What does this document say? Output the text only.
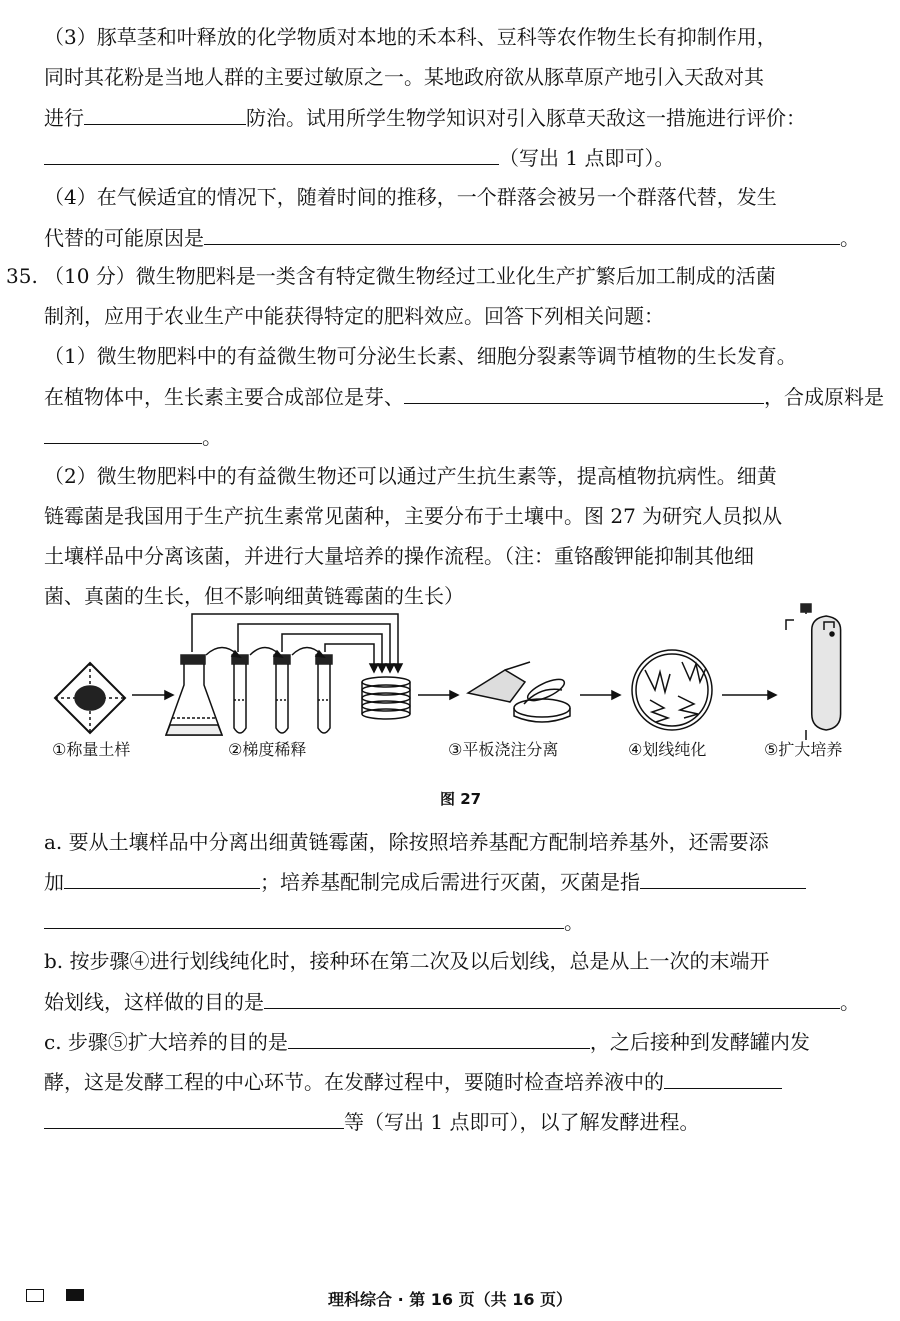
（3）豚草茎和叶释放的化学物质对本地的禾本科、豆科等农作物生长有抑制作用，
同时其花粉是当地人群的主要过敏原之一。某地政府欲从豚草原产地引入天敌对其
进行	防治。试用所学生物学知识对引入豚草天敌这一措施进行评价：
（写出 1 点即可）。
（4）在气候适宜的情况下，随着时间的推移，一个群落会被另一个群落代替，发生
代替的可能原因是	。
35. （10 分）微生物肥料是一类含有特定微生物经过工业化生产扩繁后加工制成的活菌
制剂，应用于农业生产中能获得特定的肥料效应。回答下列相关问题：
（1）微生物肥料中的有益微生物可分泌生长素、细胞分裂素等调节植物的生长发育。
在植物体中，生长素主要合成部位是芽、	，合成原料是
。
（2）微生物肥料中的有益微生物还可以通过产生抗生素等，提高植物抗病性。细黄
链霉菌是我国用于生产抗生素常见菌种，主要分布于土壤中。图 27 为研究人员拟从
土壤样品中分离该菌，并进行大量培养的操作流程。（注：重铬酸钾能抑制其他细
菌、真菌的生长，但不影响细黄链霉菌的生长）
①称量土样	②梯度稀释	③平板浇注分离	④划线纯化	⑤扩大培养
图 27
a. 要从土壤样品中分离出细黄链霉菌，除按照培养基配方配制培养基外，还需要添
加	；培养基配制完成后需进行灭菌，灭菌是指
。
b. 按步骤④进行划线纯化时，接种环在第二次及以后划线，总是从上一次的末端开
始划线，这样做的目的是	。
c. 步骤⑤扩大培养的目的是	，之后接种到发酵罐内发
酵，这是发酵工程的中心环节。在发酵过程中，要随时检查培养液中的
等（写出 1 点即可），以了解发酵进程。
理科综合 · 第 16 页（共 16 页）
